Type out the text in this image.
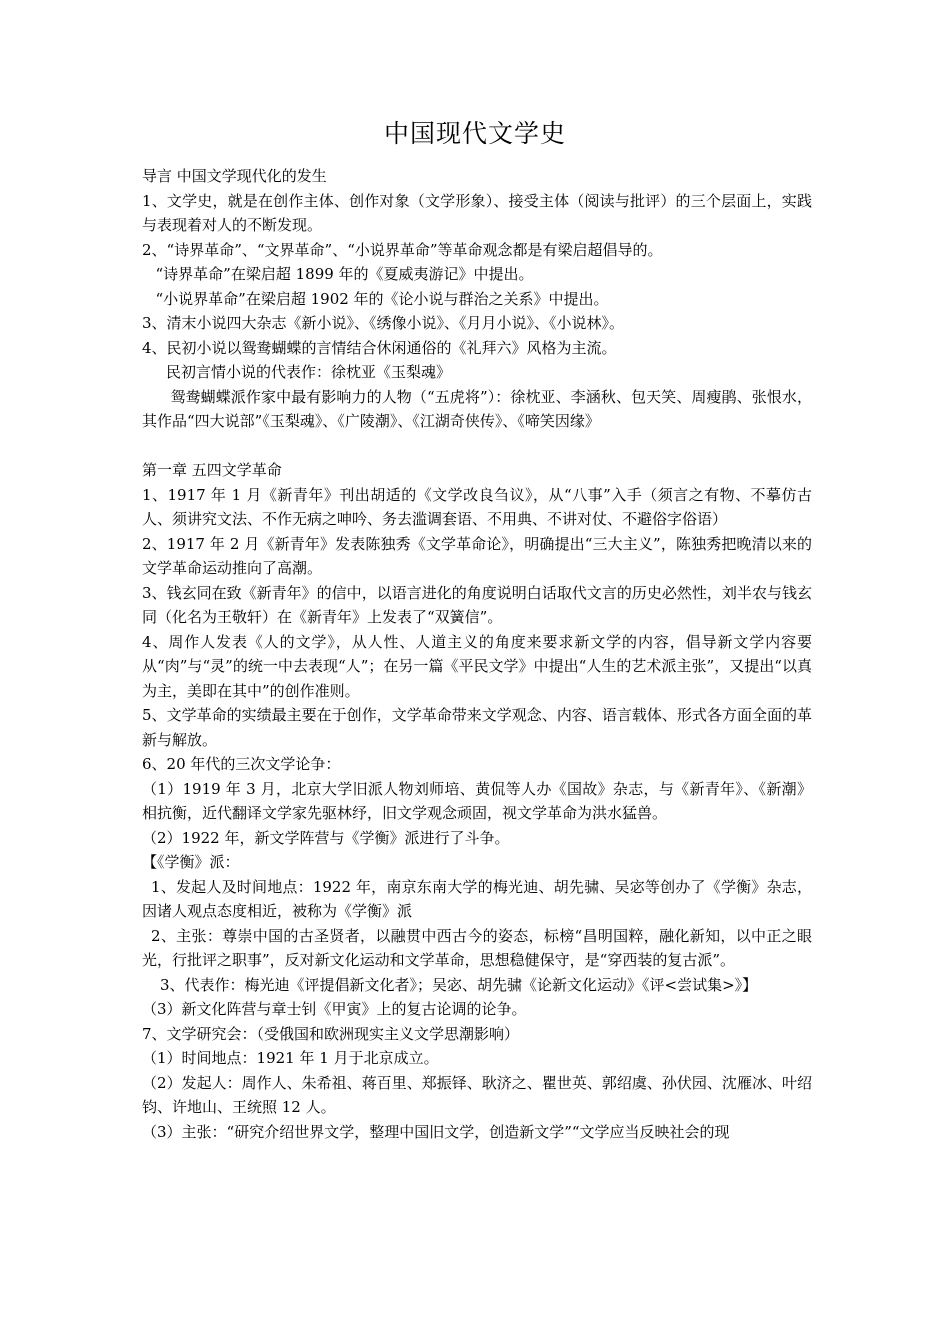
中国现代文学史

导言 中国文学现代化的发生

1、文学史，就是在创作主体、创作对象（文学形象）、接受主体（阅读与批评）的三个层面上，实践与表现着对人的不断发现。

2、“诗界革命”、“文界革命”、“小说界革命”等革命观念都是有梁启超倡导的。

“诗界革命”在梁启超 1899 年的《夏威夷游记》中提出。

“小说界革命”在梁启超 1902 年的《论小说与群治之关系》中提出。

3、清末小说四大杂志《新小说》、《绣像小说》、《月月小说》、《小说林》。

4、民初小说以鸳鸯蝴蝶的言情结合休闲通俗的《礼拜六》风格为主流。

民初言情小说的代表作：徐枕亚《玉梨魂》

鸳鸯蝴蝶派作家中最有影响力的人物（“五虎将”）：徐枕亚、李涵秋、包天笑、周瘦鹃、张恨水，其作品“四大说部”《玉梨魂》、《广陵潮》、《江湖奇侠传》、《啼笑因缘》

第一章 五四文学革命

1、1917 年 1 月《新青年》刊出胡适的《文学改良刍议》，从“八事”入手（须言之有物、不摹仿古人、须讲究文法、不作无病之呻吟、务去滥调套语、不用典、不讲对仗、不避俗字俗语）

2、1917 年 2 月《新青年》发表陈独秀《文学革命论》，明确提出“三大主义”，陈独秀把晚清以来的文学革命运动推向了高潮。

3、钱玄同在致《新青年》的信中，以语言进化的角度说明白话取代文言的历史必然性，刘半农与钱玄同（化名为王敬轩）在《新青年》上发表了“双簧信”。

4、周作人发表《人的文学》，从人性、人道主义的角度来要求新文学的内容，倡导新文学内容要从“肉”与“灵”的统一中去表现“人”；在另一篇《平民文学》中提出“人生的艺术派主张”，又提出“以真为主，美即在其中”的创作准则。

5、文学革命的实绩最主要在于创作，文学革命带来文学观念、内容、语言载体、形式各方面全面的革新与解放。

6、20 年代的三次文学论争：

（1）1919 年 3 月，北京大学旧派人物刘师培、黄侃等人办《国故》杂志，与《新青年》、《新潮》相抗衡，近代翻译文学家先驱林纾，旧文学观念顽固，视文学革命为洪水猛兽。

（2）1922 年，新文学阵营与《学衡》派进行了斗争。

【《学衡》派：

1、发起人及时间地点：1922 年，南京东南大学的梅光迪、胡先骕、吴宓等创办了《学衡》杂志，因诸人观点态度相近，被称为《学衡》派

2、主张：尊崇中国的古圣贤者，以融贯中西古今的姿态，标榜“昌明国粹，融化新知，以中正之眼光，行批评之职事”，反对新文化运动和文学革命，思想稳健保守，是“穿西装的复古派”。

3、代表作：梅光迪《评提倡新文化者》；吴宓、胡先骕《论新文化运动》《评<尝试集>》】

（3）新文化阵营与章士钊《甲寅》上的复古论调的论争。

7、文学研究会：（受俄国和欧洲现实主义文学思潮影响）

（1）时间地点：1921 年 1 月于北京成立。

（2）发起人：周作人、朱希祖、蒋百里、郑振铎、耿济之、瞿世英、郭绍虞、孙伏园、沈雁冰、叶绍钧、许地山、王统照 12 人。

（3）主张：“研究介绍世界文学，整理中国旧文学，创造新文学”“文学应当反映社会的现
